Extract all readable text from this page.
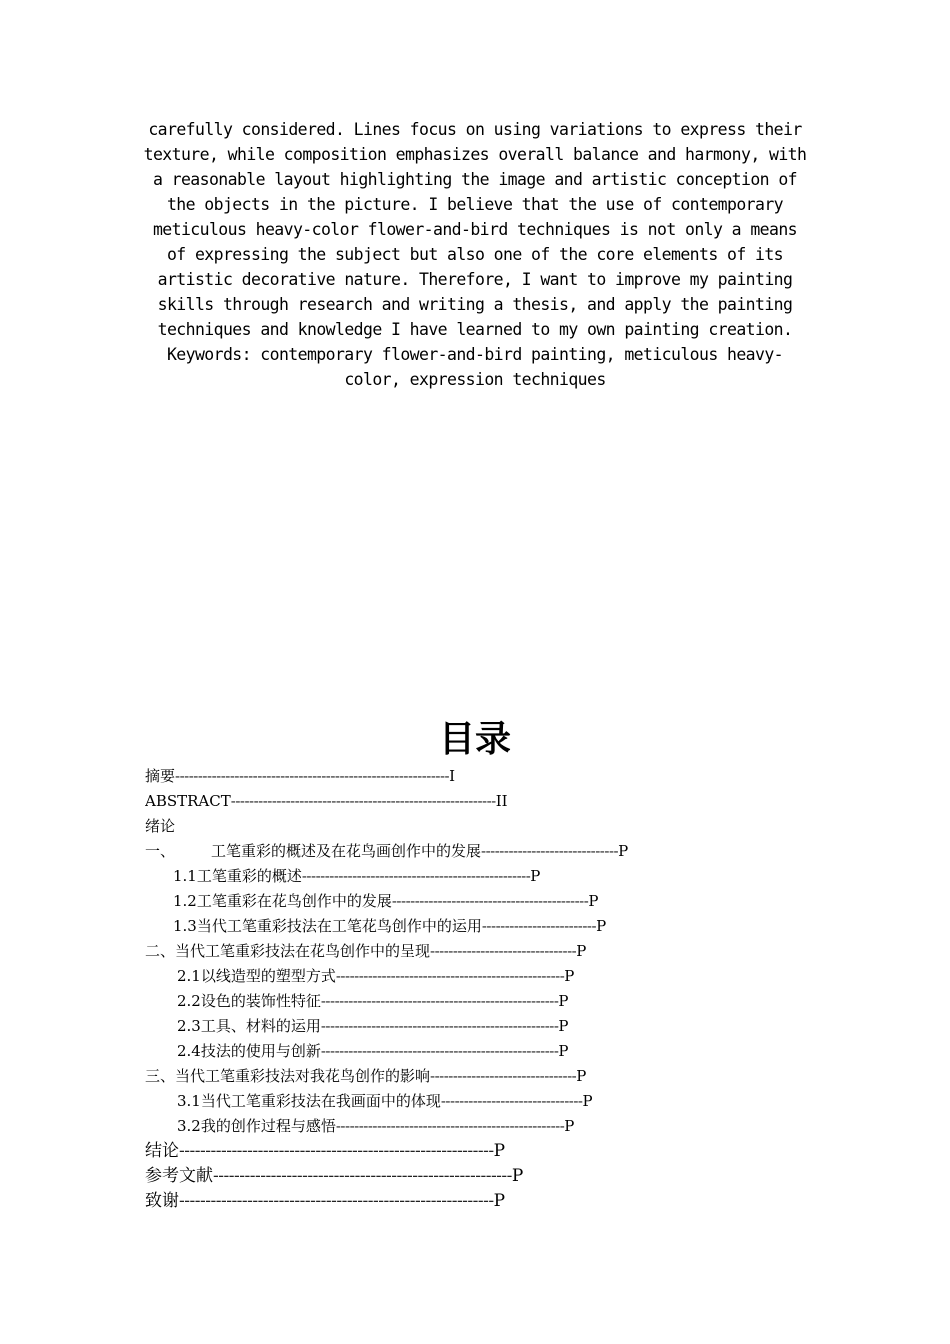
carefully considered. Lines focus on using variations to express their texture, while composition emphasizes overall balance and harmony, with a reasonable layout highlighting the image and artistic conception of the objects in the picture. I believe that the use of contemporary meticulous heavy-color flower-and-bird techniques is not only a means of expressing the subject but also one of the core elements of its artistic decorative nature. Therefore, I want to improve my painting skills through research and writing a thesis, and apply the painting techniques and knowledge I have learned to my own painting creation.

Keywords: contemporary flower-and-bird painting, meticulous heavy-color, expression techniques

目录
摘要------------------------------------------------------------I
ABSTRACT----------------------------------------------------------II
绪论
一、 工笔重彩的概述及在花鸟画创作中的发展------------------------------P
1.1工笔重彩的概述--------------------------------------------------P
1.2工笔重彩在花鸟创作中的发展-------------------------------------------P
1.3当代工笔重彩技法在工笔花鸟创作中的运用-------------------------P
二、当代工笔重彩技法在花鸟创作中的呈现--------------------------------P
2.1以线造型的塑型方式--------------------------------------------------P
2.2设色的装饰性特征----------------------------------------------------P
2.3工具、材料的运用----------------------------------------------------P
2.4技法的使用与创新----------------------------------------------------P
三、当代工笔重彩技法对我花鸟创作的影响--------------------------------P
3.1当代工笔重彩技法在我画面中的体现-------------------------------P
3.2我的创作过程与感悟--------------------------------------------------P
结论------------------------------------------------------------P
参考文献---------------------------------------------------------P
致谢------------------------------------------------------------P
